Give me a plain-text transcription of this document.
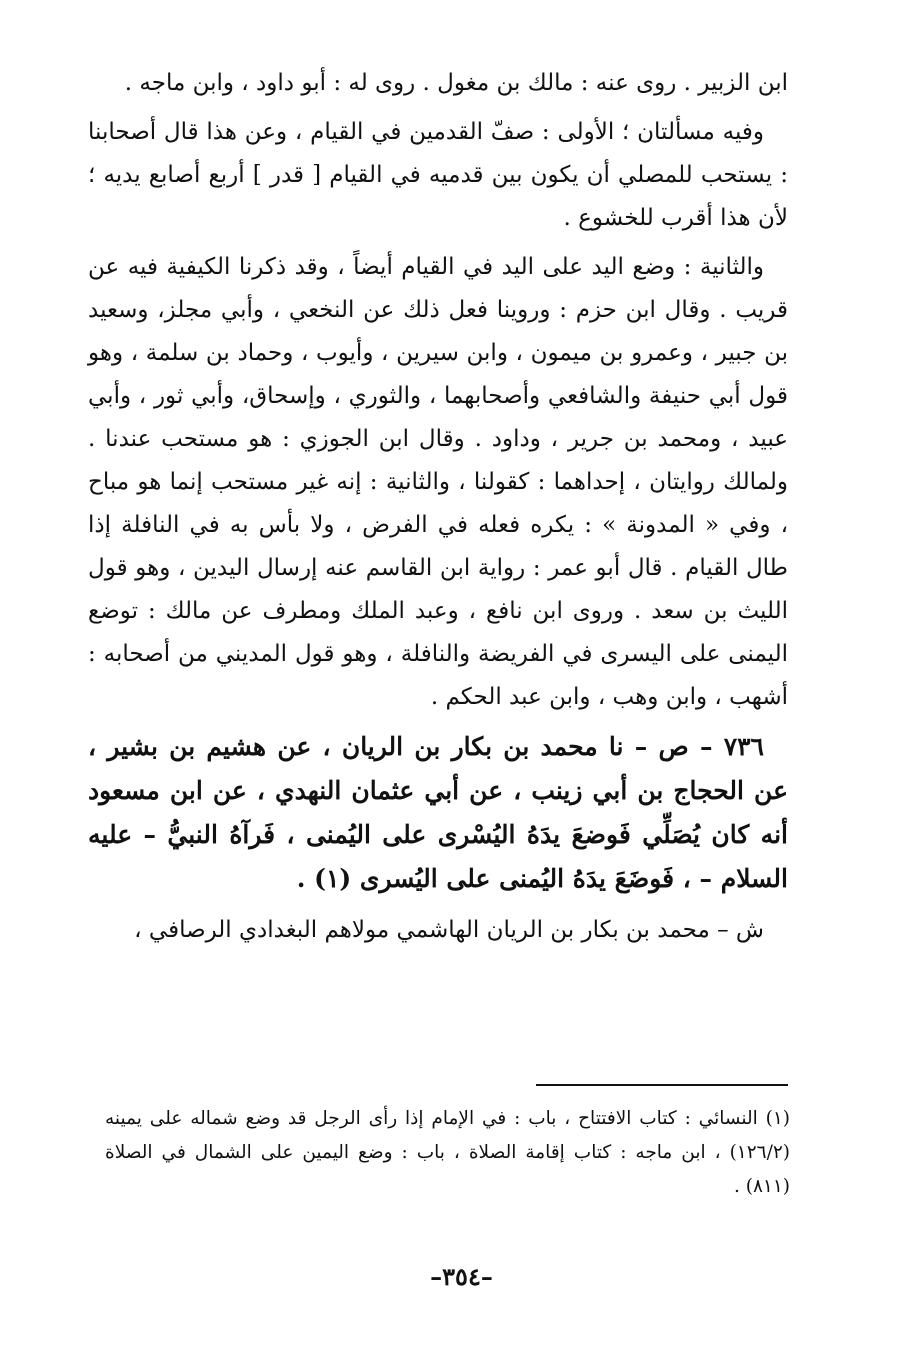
ابن الزبير . روى عنه : مالك بن مغول . روى له : أبو داود ، وابن ماجه .

وفيه مسألتان ؛ الأولى : صفّ القدمين في القيام ، وعن هذا قال أصحابنا : يستحب للمصلي أن يكون بين قدميه في القيام [ قدر ] أربع أصابع يديه ؛ لأن هذا أقرب للخشوع .

والثانية : وضع اليد على اليد في القيام أيضاً ، وقد ذكرنا الكيفية فيه عن قريب . وقال ابن حزم : وروينا فعل ذلك عن النخعي ، وأبي مجلز، وسعيد بن جبير ، وعمرو بن ميمون ، وابن سيرين ، وأيوب ، وحماد بن سلمة ، وهو قول أبي حنيفة والشافعي وأصحابهما ، والثوري ، وإسحاق، وأبي ثور ، وأبي عبيد ، ومحمد بن جرير ، وداود . وقال ابن الجوزي : هو مستحب عندنا . ولمالك روايتان ، إحداهما : كقولنا ، والثانية : إنه غير مستحب إنما هو مباح ، وفي « المدونة » : يكره فعله في الفرض ، ولا بأس به في النافلة إذا طال القيام . قال أبو عمر : رواية ابن القاسم عنه إرسال اليدين ، وهو قول الليث بن سعد . وروى ابن نافع ، وعبد الملك ومطرف عن مالك : توضع اليمنى على اليسرى في الفريضة والنافلة ، وهو قول المديني من أصحابه : أشهب ، وابن وهب ، وابن عبد الحكم .

٧٣٦ – ص – نا محمد بن بكار بن الريان ، عن هشيم بن بشير ، عن الحجاج بن أبي زينب ، عن أبي عثمان النهدي ، عن ابن مسعود أنه كان يُصَلِّي فَوضعَ يدَهُ اليُسْرى على اليُمنى ، فَرآهُ النبيُّ – عليه السلام – ، فَوضَعَ يدَهُ اليُمنى على اليُسرى (١) .

ش – محمد بن بكار بن الريان الهاشمي مولاهم البغدادي الرصافي ،

(١) النسائي : كتاب الافتتاح ، باب : في الإمام إذا رأى الرجل قد وضع شماله على يمينه (١٢٦/٢) ، ابن ماجه : كتاب إقامة الصلاة ، باب : وضع اليمين على الشمال في الصلاة (٨١١) .

–٣٥٤–
